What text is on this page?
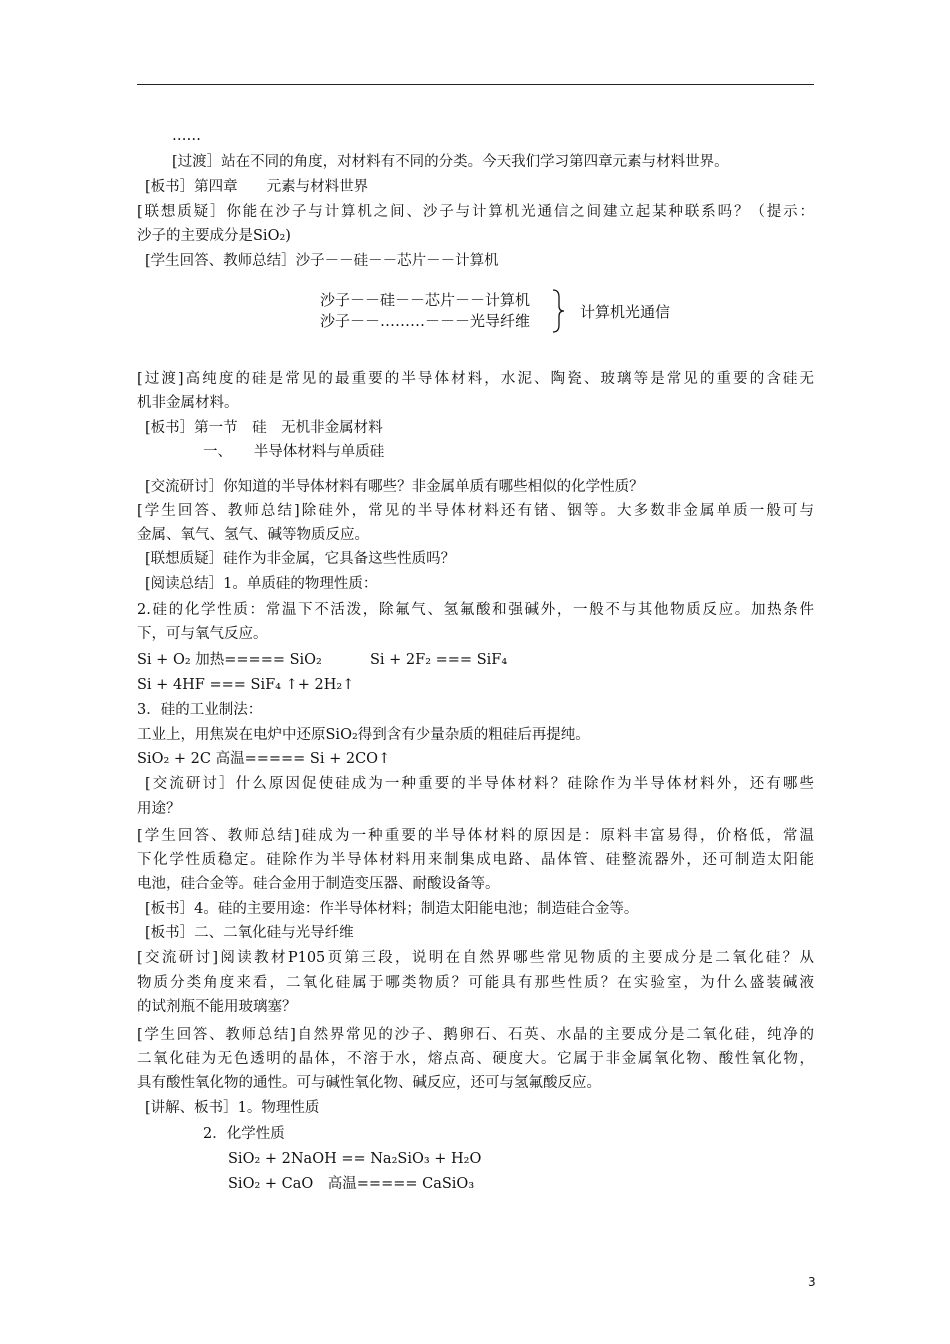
……
[过渡］站在不同的角度，对材料有不同的分类。今天我们学习第四章元素与材料世界。
[板书］第四章　　元素与材料世界
[联想质疑］你能在沙子与计算机之间、沙子与计算机光通信之间建立起某种联系吗？（提示：
沙子的主要成分是SiO₂)
[学生回答、教师总结］沙子－－硅－－芯片－－计算机
沙子－－硅－－芯片－－计算机
沙子－－………－－－光导纤维	计算机光通信
[过渡]高纯度的硅是常见的最重要的半导体材料，水泥、陶瓷、玻璃等是常见的重要的含硅无
机非金属材料。
[板书］第一节　硅　无机非金属材料
一、　　半导体材料与单质硅
[交流研讨］你知道的半导体材料有哪些？非金属单质有哪些相似的化学性质？
[学生回答、教师总结]除硅外，常见的半导体材料还有锗、铟等。大多数非金属单质一般可与
金属、氧气、氢气、碱等物质反应。
[联想质疑］硅作为非金属，它具备这些性质吗？
[阅读总结］1。单质硅的物理性质：
2.硅的化学性质：常温下不活泼，除氟气、氢氟酸和强碱外，一般不与其他物质反应。加热条件
下，可与氧气反应。
Si + O₂ 加热===== SiO₂　　　 Si + 2F₂ === SiF₄
Si + 4HF === SiF₄ ↑+ 2H₂↑
3．硅的工业制法：
工业上，用焦炭在电炉中还原SiO₂得到含有少量杂质的粗硅后再提纯。
SiO₂ + 2C 高温===== Si + 2CO↑
[交流研讨］什么原因促使硅成为一种重要的半导体材料？硅除作为半导体材料外，还有哪些
用途？
[学生回答、教师总结]硅成为一种重要的半导体材料的原因是：原料丰富易得，价格低，常温
下化学性质稳定。硅除作为半导体材料用来制集成电路、晶体管、硅整流器外，还可制造太阳能
电池，硅合金等。硅合金用于制造变压器、耐酸设备等。
[板书］4。硅的主要用途：作半导体材料；制造太阳能电池；制造硅合金等。
[板书］二、二氧化硅与光导纤维
[交流研讨]阅读教材P105页第三段，说明在自然界哪些常见物质的主要成分是二氧化硅？从
物质分类角度来看，二氧化硅属于哪类物质？可能具有那些性质？在实验室，为什么盛装碱液
的试剂瓶不能用玻璃塞？
[学生回答、教师总结]自然界常见的沙子、鹅卵石、石英、水晶的主要成分是二氧化硅，纯净的
二氧化硅为无色透明的晶体，不溶于水，熔点高、硬度大。它属于非金属氧化物、酸性氧化物，
具有酸性氧化物的通性。可与碱性氧化物、碱反应，还可与氢氟酸反应。
[讲解、板书］1。物理性质
2．化学性质
SiO₂ + 2NaOH == Na₂SiO₃ + H₂O
SiO₂ + CaO　高温===== CaSiO₃
3
